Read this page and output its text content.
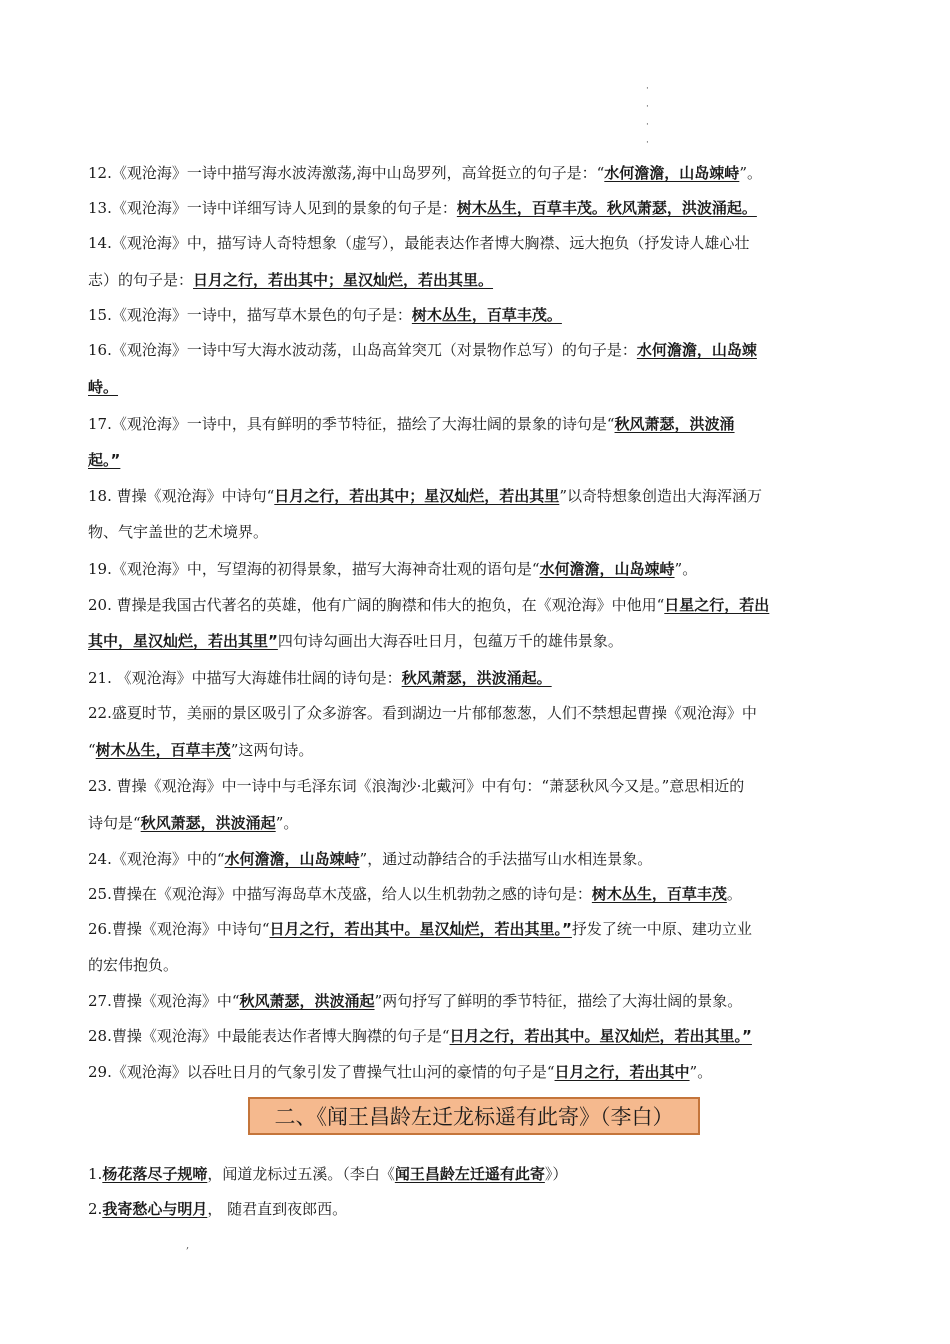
·
·
·
·
12.《观沧海》一诗中描写海水波涛激荡,海中山岛罗列，高耸挺立的句子是：“水何澹澹，山岛竦峙”。
13.《观沧海》一诗中详细写诗人见到的景象的句子是：树木丛生，百草丰茂。秋风萧瑟，洪波涌起。
14.《观沧海》中，描写诗人奇特想象（虚写），最能表达作者博大胸襟、远大抱负（抒发诗人雄心壮
志）的句子是：日月之行，若出其中；星汉灿烂，若出其里。
15.《观沧海》一诗中，描写草木景色的句子是：树木丛生，百草丰茂。
16.《观沧海》一诗中写大海水波动荡，山岛高耸突兀（对景物作总写）的句子是：水何澹澹，山岛竦
峙。
17.《观沧海》一诗中，具有鲜明的季节特征，描绘了大海壮阔的景象的诗句是“秋风萧瑟，洪波涌
起。”
18. 曹操《观沧海》中诗句“日月之行，若出其中；星汉灿烂，若出其里”以奇特想象创造出大海浑涵万
物、气宇盖世的艺术境界。
19.《观沧海》中，写望海的初得景象，描写大海神奇壮观的语句是“水何澹澹，山岛竦峙”。
20. 曹操是我国古代著名的英雄，他有广阔的胸襟和伟大的抱负，在《观沧海》中他用“日星之行，若出
其中，星汉灿烂，若出其里”四句诗勾画出大海吞吐日月，包蕴万千的雄伟景象。
21. 《观沧海》中描写大海雄伟壮阔的诗句是：秋风萧瑟，洪波涌起。
22.盛夏时节，美丽的景区吸引了众多游客。看到湖边一片郁郁葱葱，人们不禁想起曹操《观沧海》中
“树木丛生，百草丰茂”这两句诗。
23. 曹操《观沧海》中一诗中与毛泽东词《浪淘沙·北戴河》中有句：“萧瑟秋风今又是。”意思相近的
诗句是“秋风萧瑟，洪波涌起”。
24.《观沧海》中的“水何澹澹，山岛竦峙”，通过动静结合的手法描写山水相连景象。
25.曹操在《观沧海》中描写海岛草木茂盛，给人以生机勃勃之感的诗句是：树木丛生，百草丰茂。
26.曹操《观沧海》中诗句“日月之行，若出其中。星汉灿烂，若出其里。”抒发了统一中原、建功立业
的宏伟抱负。
27.曹操《观沧海》中“秋风萧瑟，洪波涌起”两句抒写了鲜明的季节特征，描绘了大海壮阔的景象。
28.曹操《观沧海》中最能表达作者博大胸襟的句子是“日月之行，若出其中。星汉灿烂，若出其里。”
29.《观沧海》以吞吐日月的气象引发了曹操气壮山河的豪情的句子是“日月之行，若出其中”。
二、《闻王昌龄左迁龙标遥有此寄》（李白）
1.杨花落尽子规啼，闻道龙标过五溪。（李白《闻王昌龄左迁遥有此寄》）
2.我寄愁心与明月， 随君直到夜郎西。
,
